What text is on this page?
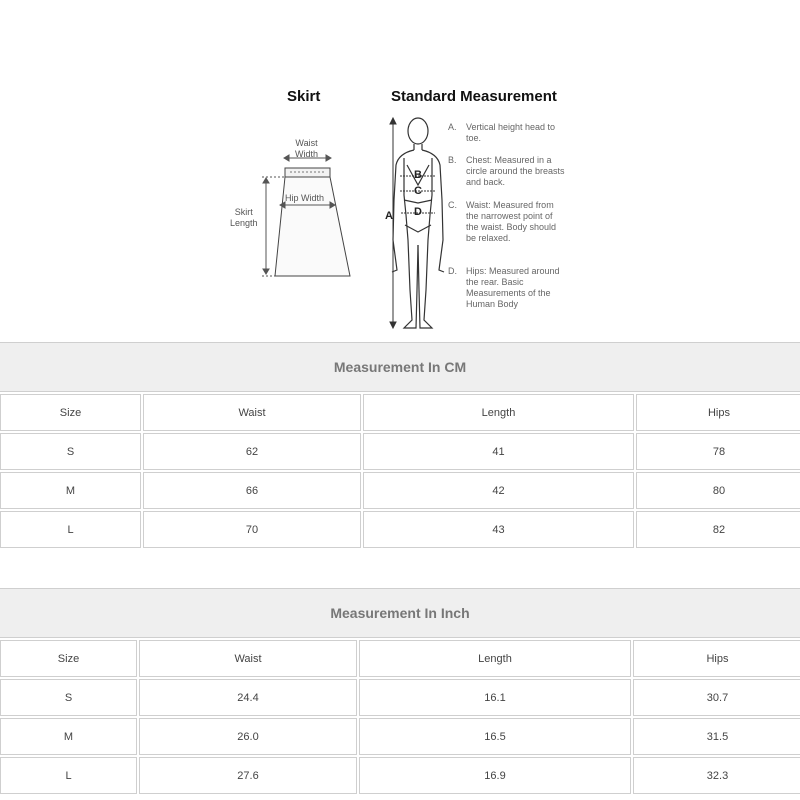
Skirt	Standard Measurement
Waist
Width
Hip Width
Skirt
Length
B
C
D
A
A. Vertical height head to toe.
B. Chest: Measured in a circle around the breasts and back.
C. Waist: Measured from the narrowest point of the waist. Body should be relaxed.
D. Hips: Measured around the rear. Basic Measurements of the Human Body
Measurement In CM
Size	Waist	Length	Hips
S	62	41	78
M	66	42	80
L	70	43	82
Measurement In Inch
Size	Waist	Length	Hips
S	24.4	16.1	30.7
M	26.0	16.5	31.5
L	27.6	16.9	32.3
